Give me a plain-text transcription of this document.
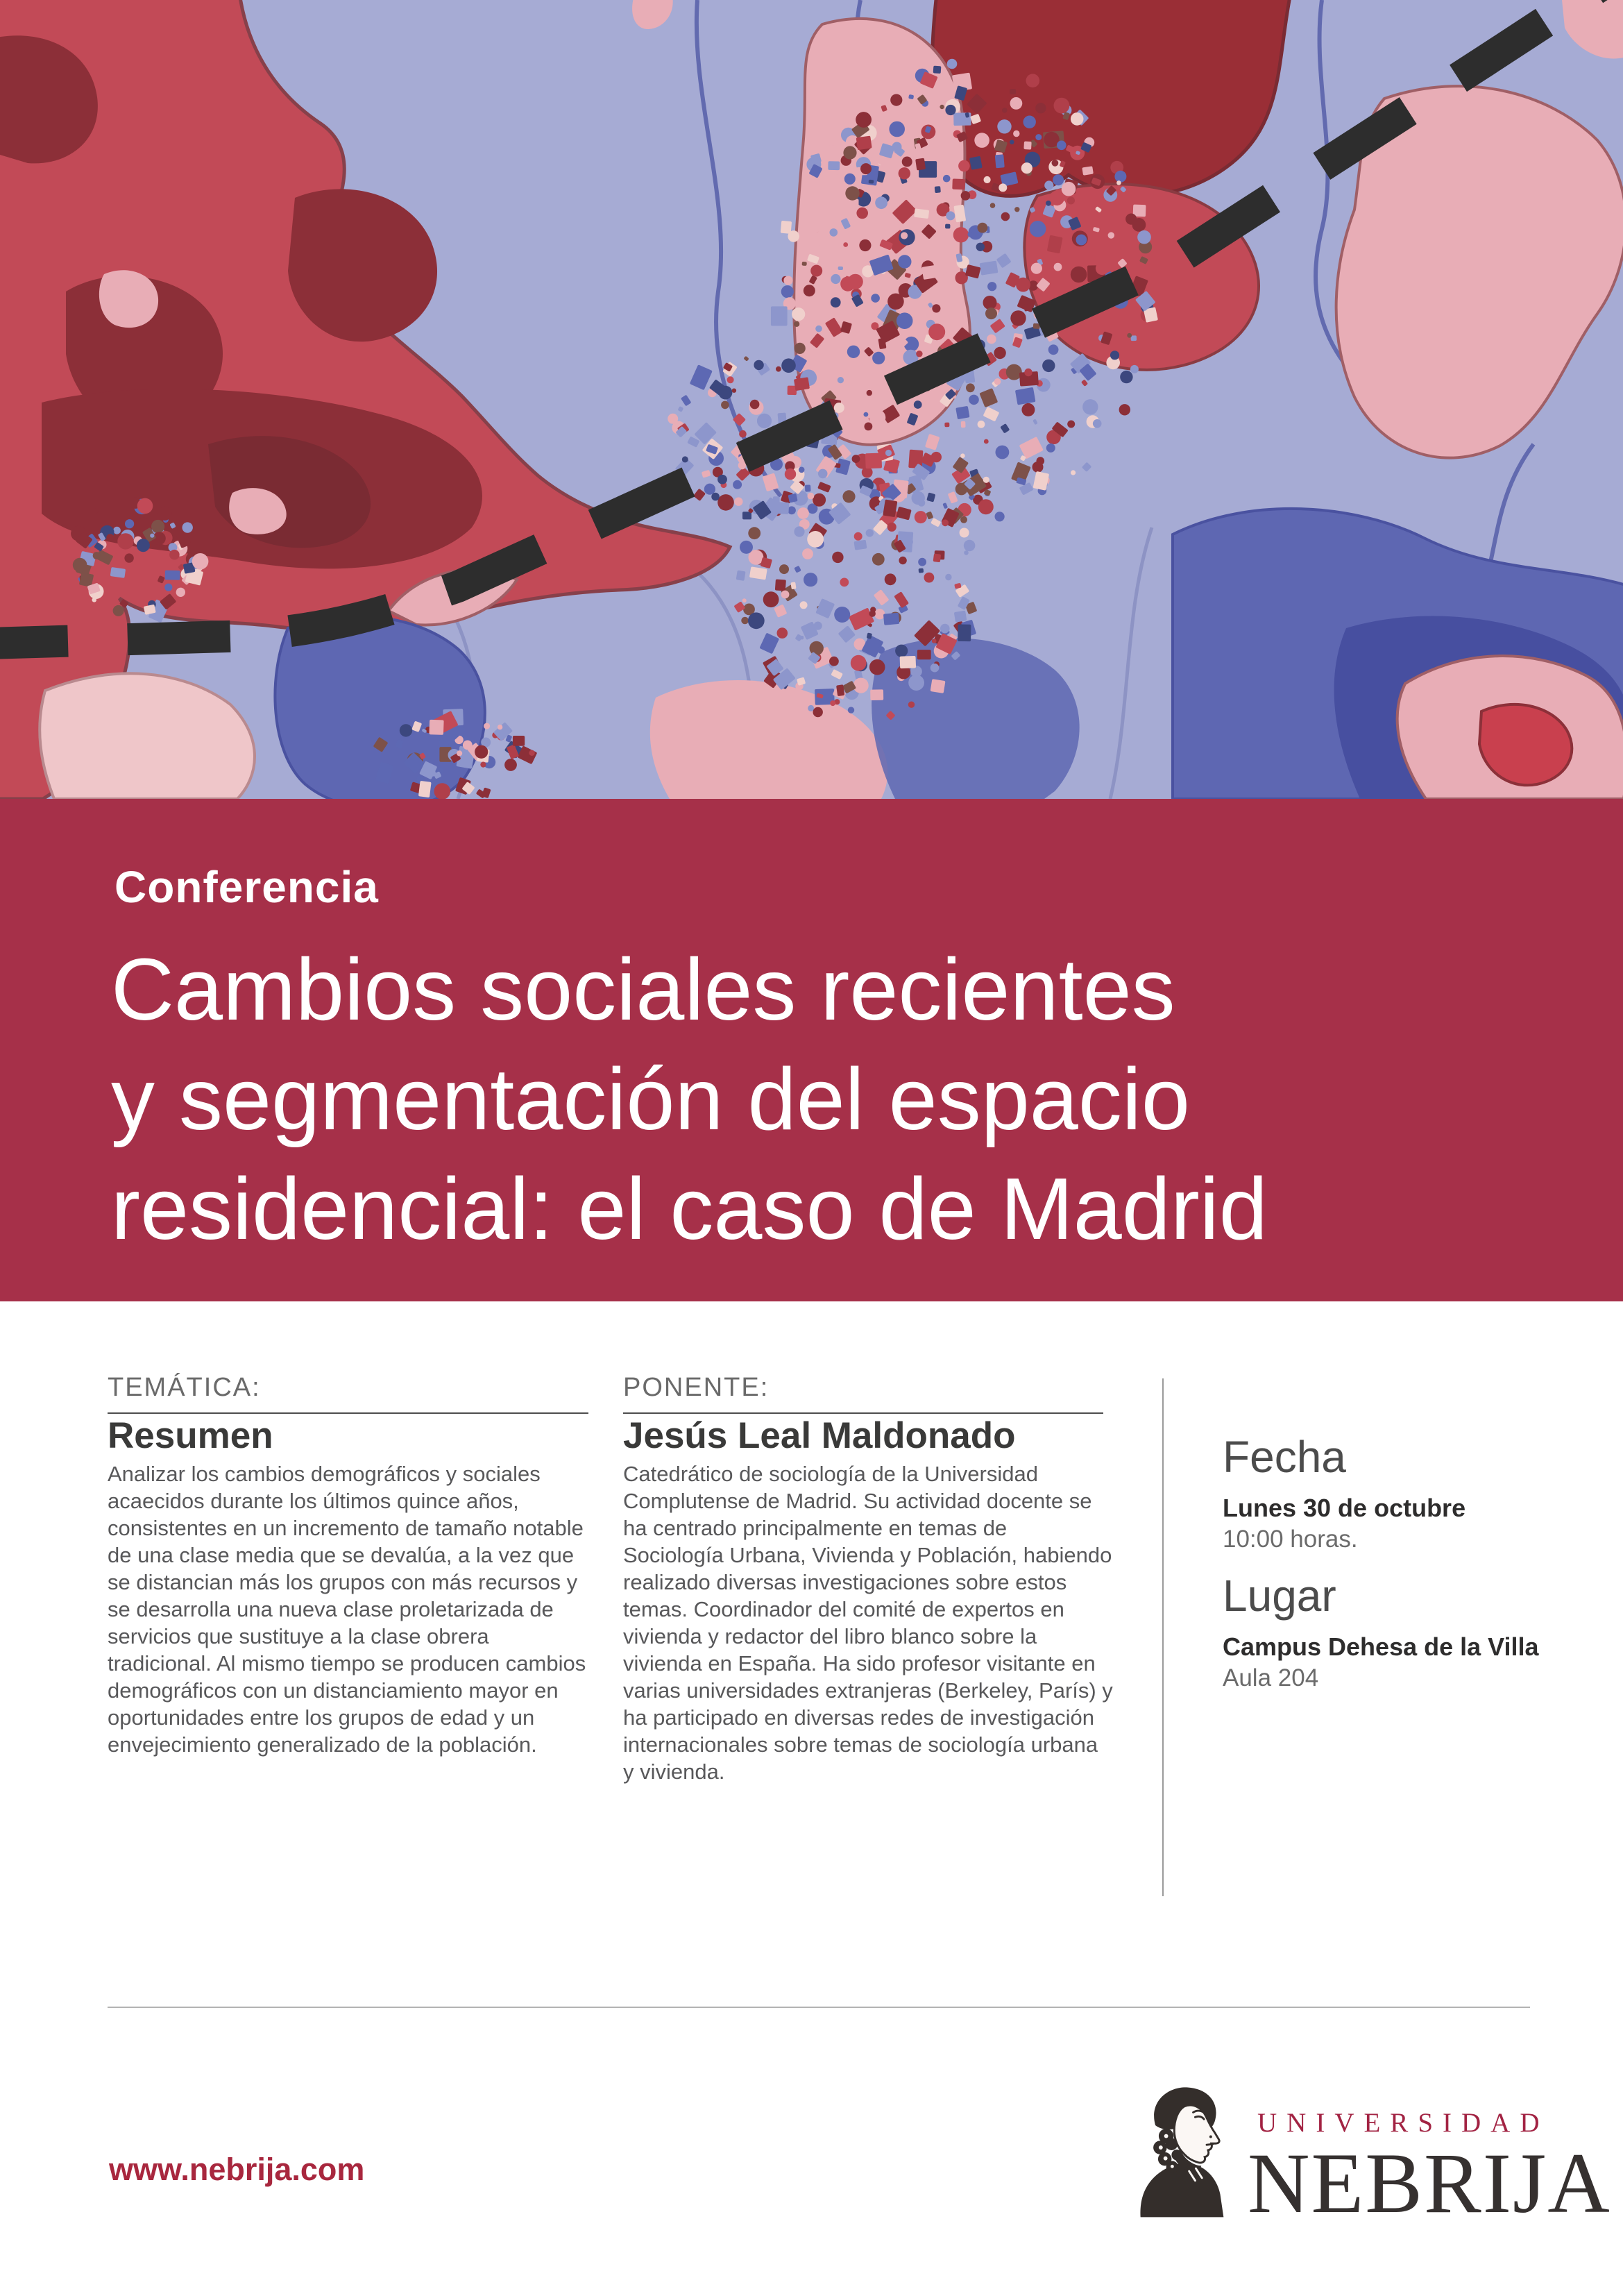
Conferencia
Cambios sociales recientes
y segmentación del espacio
residencial: el caso de Madrid
TEMÁTICA:
Resumen
Analizar los cambios demográficos y sociales acaecidos durante los últimos quince años, consistentes en un incremento de tamaño notable de una clase media que se devalúa, a la vez que se distancian más los grupos con más recursos y se desarrolla una nueva clase proletarizada de servicios que sustituye a la clase obrera tradicional. Al mismo tiempo se producen cambios demográficos con un distanciamiento mayor en oportunidades entre los grupos de edad y un envejecimiento generalizado de la población.
PONENTE:
Jesús Leal Maldonado
Catedrático de sociología de la Universidad Complutense de Madrid. Su actividad docente se ha centrado principalmente en temas de Sociología Urbana, Vivienda y Población, habiendo realizado diversas investigaciones sobre estos temas. Coordinador del comité de expertos en vivienda y redactor del libro blanco sobre la vivienda en España. Ha sido profesor visitante en varias universidades extranjeras (Berkeley, París) y ha participado en diversas redes de investigación internacionales sobre temas de sociología urbana y vivienda.
Fecha
Lunes 30 de octubre
10:00 horas.
Lugar
Campus Dehesa de la Villa
Aula 204
www.nebrija.com
UNIVERSIDAD
NEBRIJA
